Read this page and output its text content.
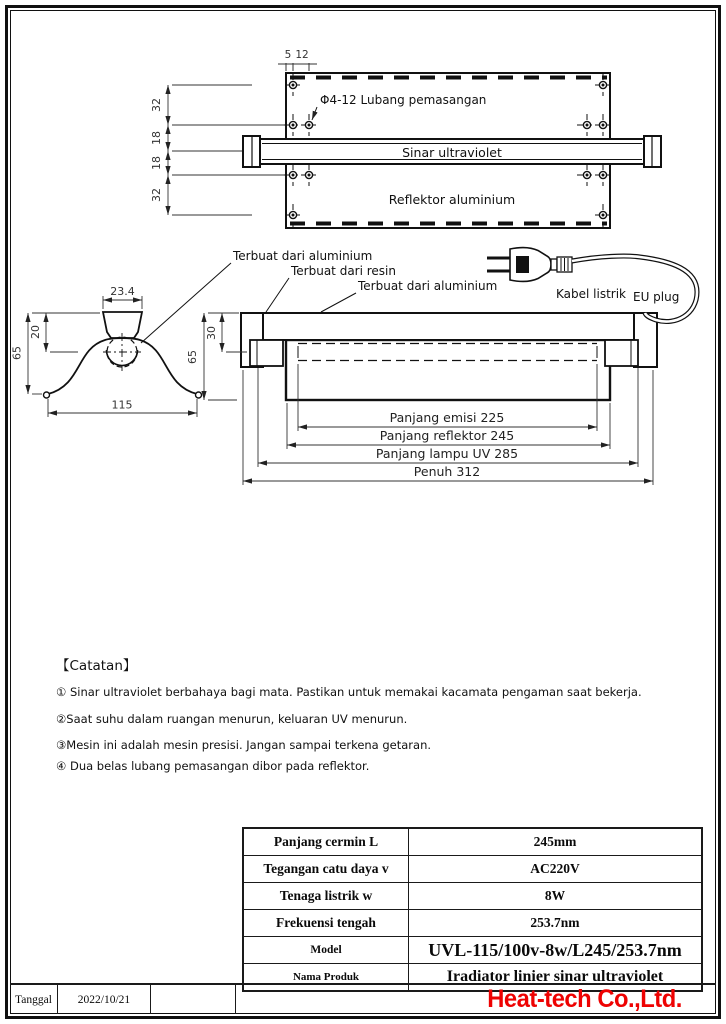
5 12
32
18
18
32
Φ4-12 Lubang pemasangan
Sinar ultraviolet
Reflektor aluminium
23.4
20
65
115
Terbuat dari aluminium
Terbuat dari resin
Terbuat dari aluminium
Kabel listrik EU plug
30
65
Panjang emisi 225
Panjang reflektor 245
Panjang lampu UV 285
Penuh 312
【Catatan】
① Sinar ultraviolet berbahaya bagi mata. Pastikan untuk memakai kacamata pengaman saat bekerja.
②Saat suhu dalam ruangan menurun, keluaran UV menurun.
③Mesin ini adalah mesin presisi. Jangan sampai terkena getaran.
④ Dua belas lubang pemasangan dibor pada reflektor.
Panjang cermin L	245mm
Tegangan catu daya v	AC220V
Tenaga listrik w	8W
Frekuensi tengah	253.7nm
Model	UVL-115/100v-8w/L245/253.7nm
Nama Produk	Iradiator linier sinar ultraviolet
Tanggal	2022/10/21	Heat-tech Co.,Ltd.
